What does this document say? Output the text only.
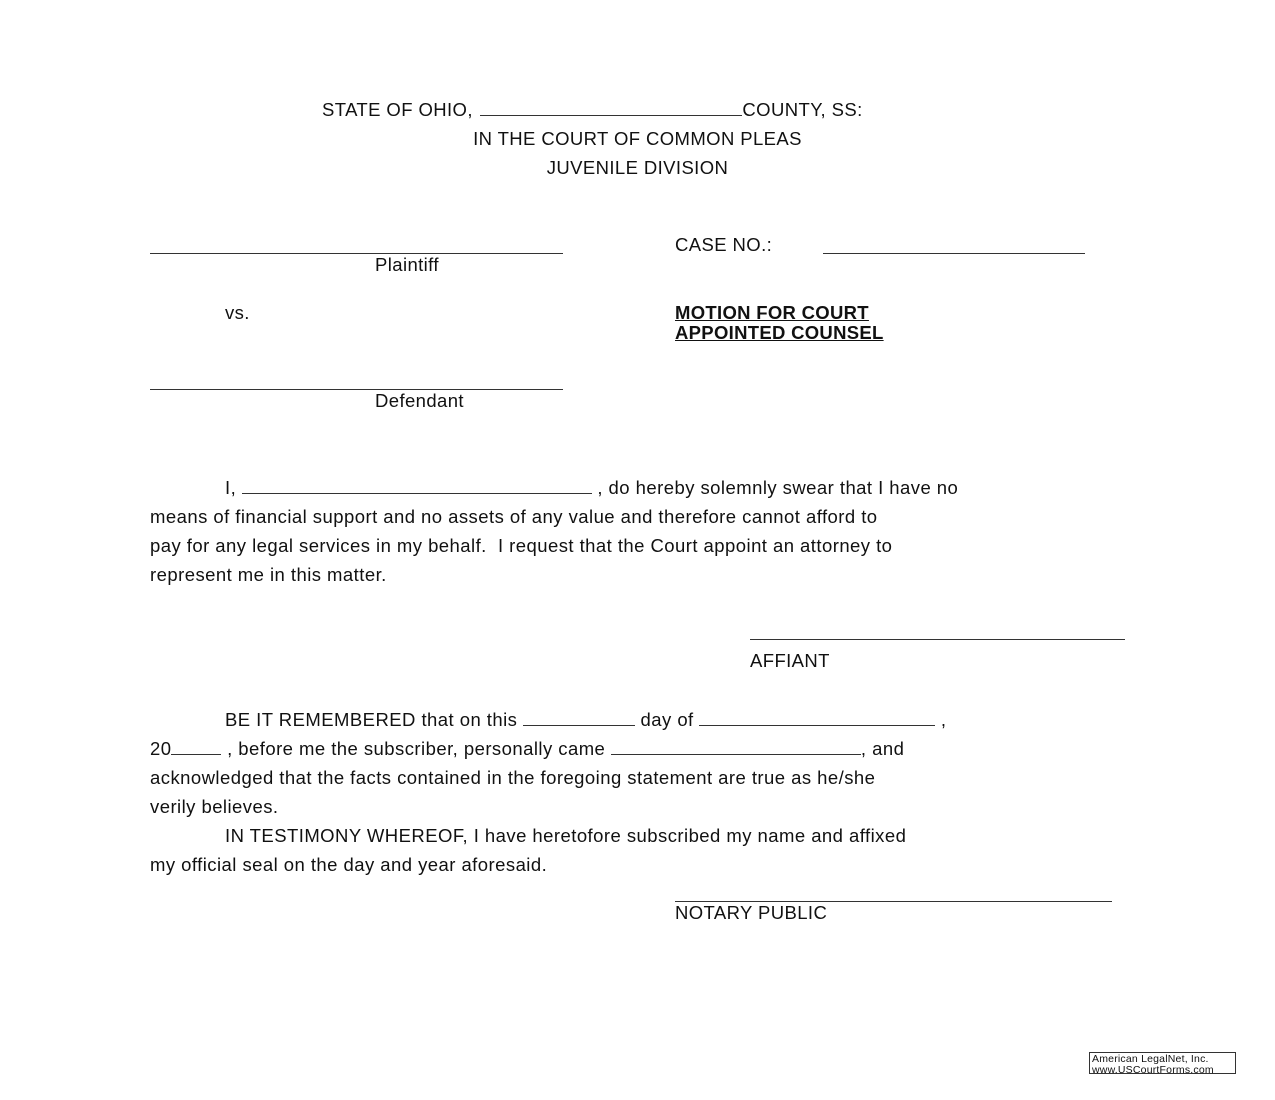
STATE OF OHIO,	COUNTY, SS:
IN THE COURT OF COMMON PLEAS
JUVENILE DIVISION
Plaintiff
vs.
Defendant
CASE NO.:
MOTION FOR COURT
APPOINTED COUNSEL
I,	, do hereby solemnly swear that I have no
means of financial support and no assets of any value and therefore cannot afford to
pay for any legal services in my behalf.  I request that the Court appoint an attorney to
represent me in this matter.
AFFIANT
BE IT REMEMBERED that on this	day of	,
20	, before me the subscriber, personally came	, and
acknowledged that the facts contained in the foregoing statement are true as he/she
verily believes.
IN TESTIMONY WHEREOF, I have heretofore subscribed my name and affixed
my official seal on the day and year aforesaid.
NOTARY PUBLIC
American LegalNet, Inc.
www.USCourtForms.com
